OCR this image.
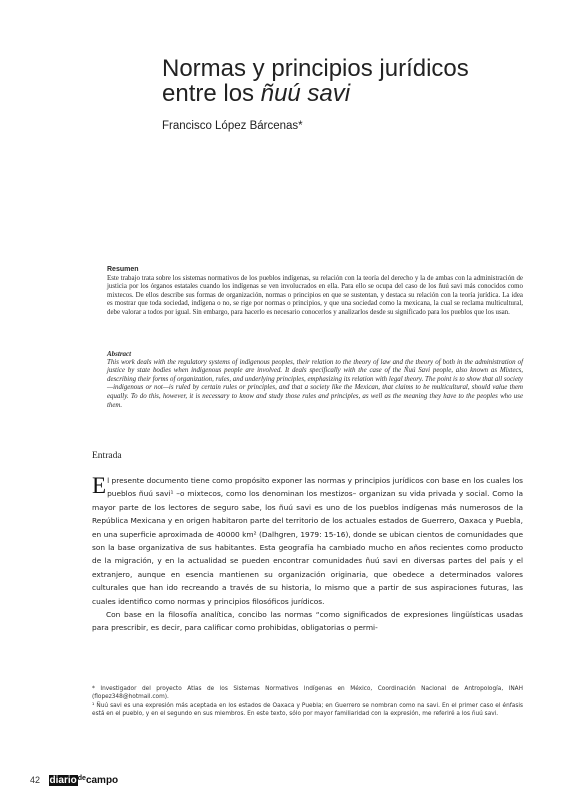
Normas y principios jurídicos
entre los ñuú savi
Francisco López Bárcenas*
Resumen

Este trabajo trata sobre los sistemas normativos de los pueblos indígenas, su relación con la teoría del derecho y la de ambas con la administración de justicia por los órganos estatales cuando los indígenas se ven involucrados en ella. Para ello se ocupa del caso de los ñuú savi más conocidos como mixtecos. De ellos describe sus formas de organización, normas o principios en que se sustentan, y destaca su relación con la teoría jurídica. La idea es mostrar que toda sociedad, indígena o no, se rige por normas o principios, y que una sociedad como la mexicana, la cual se reclama multicultural, debe valorar a todos por igual. Sin embargo, para hacerlo es necesario conocerlos y analizarlos desde su significado para los pueblos que los usan.

Abstract

This work deals with the regulatory systems of indigenous peoples, their relation to the theory of law and the theory of both in the administration of justice by state bodies when indigenous people are involved. It deals specifically with the case of the Ñuú Savi people, also known as Mixtecs, describing their forms of organization, rules, and underlying principles, emphasizing its relation with legal theory. The point is to show that all society—indigenous or not—is ruled by certain rules or principles, and that a society like the Mexican, that claims to be multicultural, should value them equally. To do this, however, it is necessary to know and study those rules and principles, as well as the meaning they have to the peoples who use them.

Entrada

El presente documento tiene como propósito exponer las normas y principios jurídicos con base en los cuales los pueblos ñuú savi¹ –o mixtecos, como los denominan los mestizos– organizan su vida privada y social. Como la mayor parte de los lectores de seguro sabe, los ñuú savi es uno de los pueblos indígenas más numerosos de la República Mexicana y en origen habitaron parte del territorio de los actuales estados de Guerrero, Oaxaca y Puebla, en una superficie aproximada de 40000 km² (Dalhgren, 1979: 15-16), donde se ubican cientos de comunidades que son la base organizativa de sus habitantes. Esta geografía ha cambiado mucho en años recientes como producto de la migración, y en la actualidad se pueden encontrar comunidades ñuú savi en diversas partes del país y el extranjero, aunque en esencia mantienen su organización originaria, que obedece a determinados valores culturales que han ido recreando a través de su historia, lo mismo que a partir de sus aspiraciones futuras, las cuales identifico como normas y principios filosóficos jurídicos.

Con base en la filosofía analítica, concibo las normas “como significados de expresiones lingüísticas usadas para prescribir, es decir, para calificar como prohibidas, obligatorias o permi-

* Investigador del proyecto Atlas de los Sistemas Normativos Indígenas en México, Coordinación Nacional de Antropología, INAH (flopez348@hotmail.com).

¹ Ñuú savi es una expresión más aceptada en los estados de Oaxaca y Puebla; en Guerrero se nombran como na savi. En el primer caso el énfasis está en el pueblo, y en el segundo en sus miembros. En este texto, sólo por mayor familiaridad con la expresión, me referiré a los ñuú savi.

42 diario$^{de}$campo
